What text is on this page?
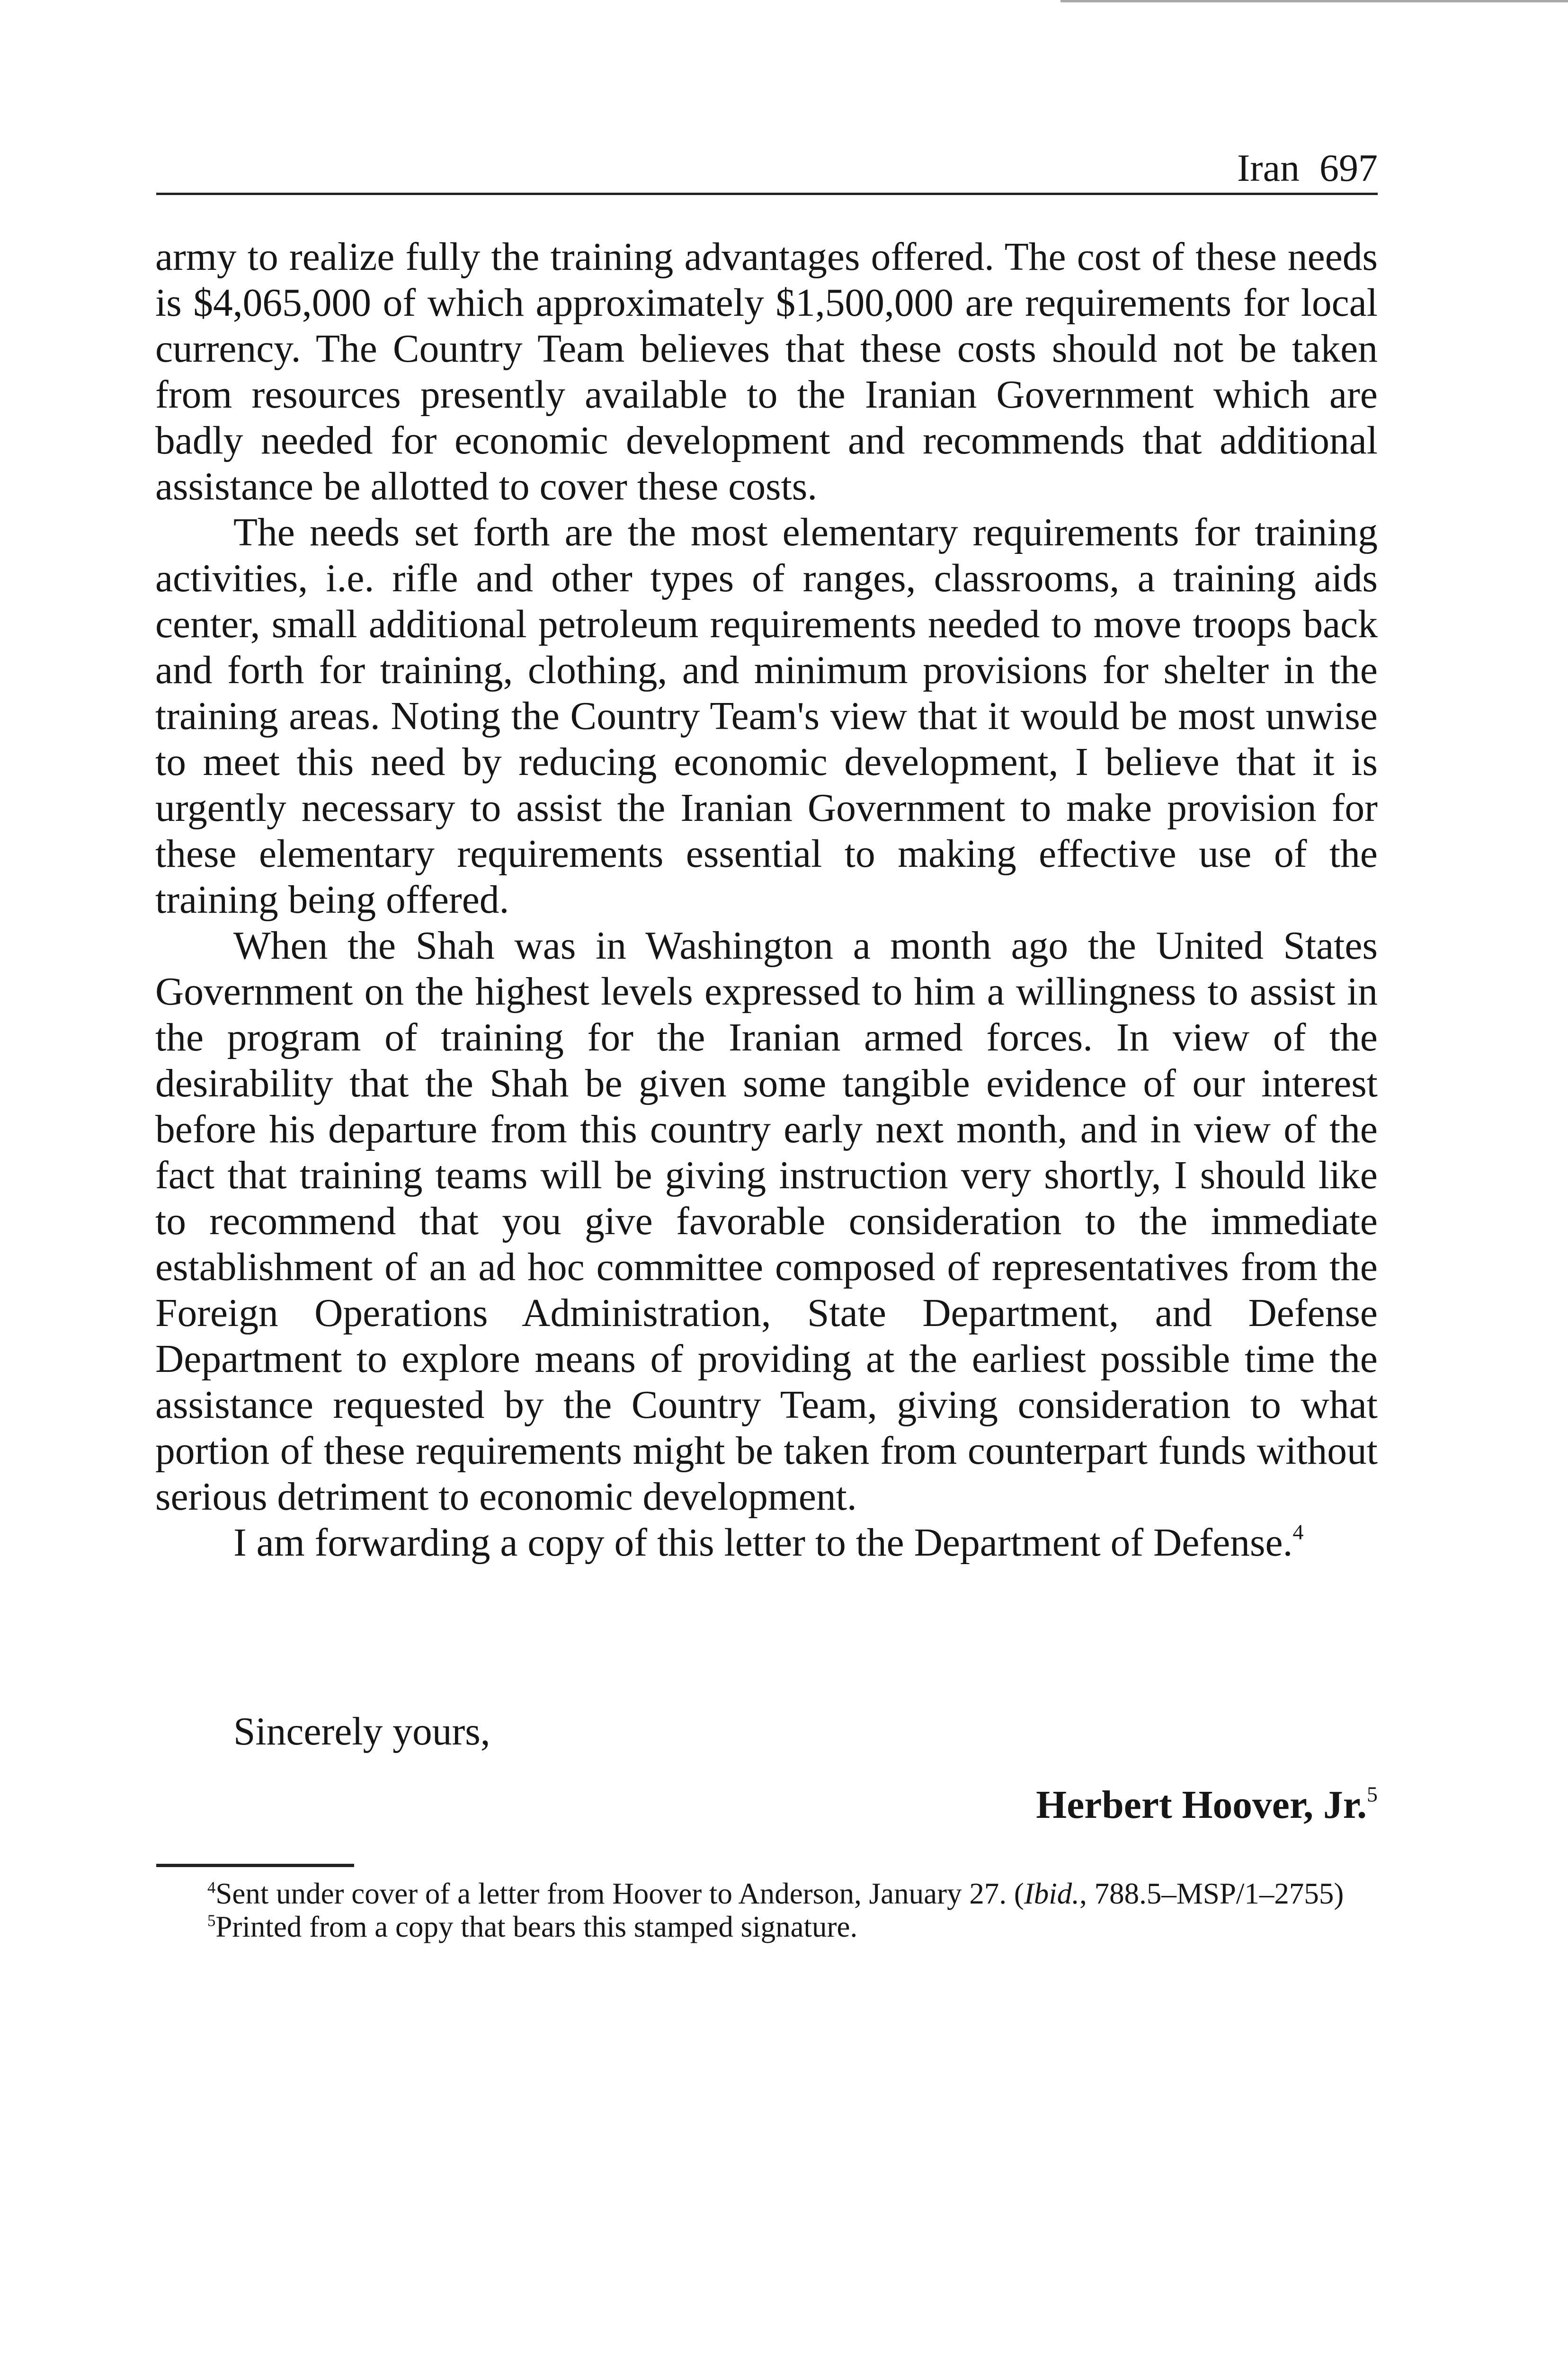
Iran 697

army to realize fully the training advantages offered. The cost of these needs is $4,065,000 of which approximately $1,500,000 are requirements for local currency. The Country Team believes that these costs should not be taken from resources presently available to the Iranian Government which are badly needed for economic development and recommends that additional assistance be allotted to cover these costs.

The needs set forth are the most elementary requirements for training activities, i.e. rifle and other types of ranges, classrooms, a training aids center, small additional petroleum requirements needed to move troops back and forth for training, clothing, and minimum provisions for shelter in the training areas. Noting the Country Team's view that it would be most unwise to meet this need by reducing economic development, I believe that it is urgently necessary to assist the Iranian Government to make provision for these elementary requirements essential to making effective use of the training being offered.

When the Shah was in Washington a month ago the United States Government on the highest levels expressed to him a willingness to assist in the program of training for the Iranian armed forces. In view of the desirability that the Shah be given some tangible evidence of our interest before his departure from this country early next month, and in view of the fact that training teams will be giving instruction very shortly, I should like to recommend that you give favorable consideration to the immediate establishment of an ad hoc committee composed of representatives from the Foreign Operations Administration, State Department, and Defense Department to explore means of providing at the earliest possible time the assistance requested by the Country Team, giving consideration to what portion of these requirements might be taken from counterpart funds without serious detriment to economic development.

I am forwarding a copy of this letter to the Department of Defense.$^4$

Sincerely yours,
Herbert Hoover, Jr.$^5$

$^4$Sent under cover of a letter from Hoover to Anderson, January 27. (Ibid., 788.5–MSP/1–2755)

$^5$Printed from a copy that bears this stamped signature.
